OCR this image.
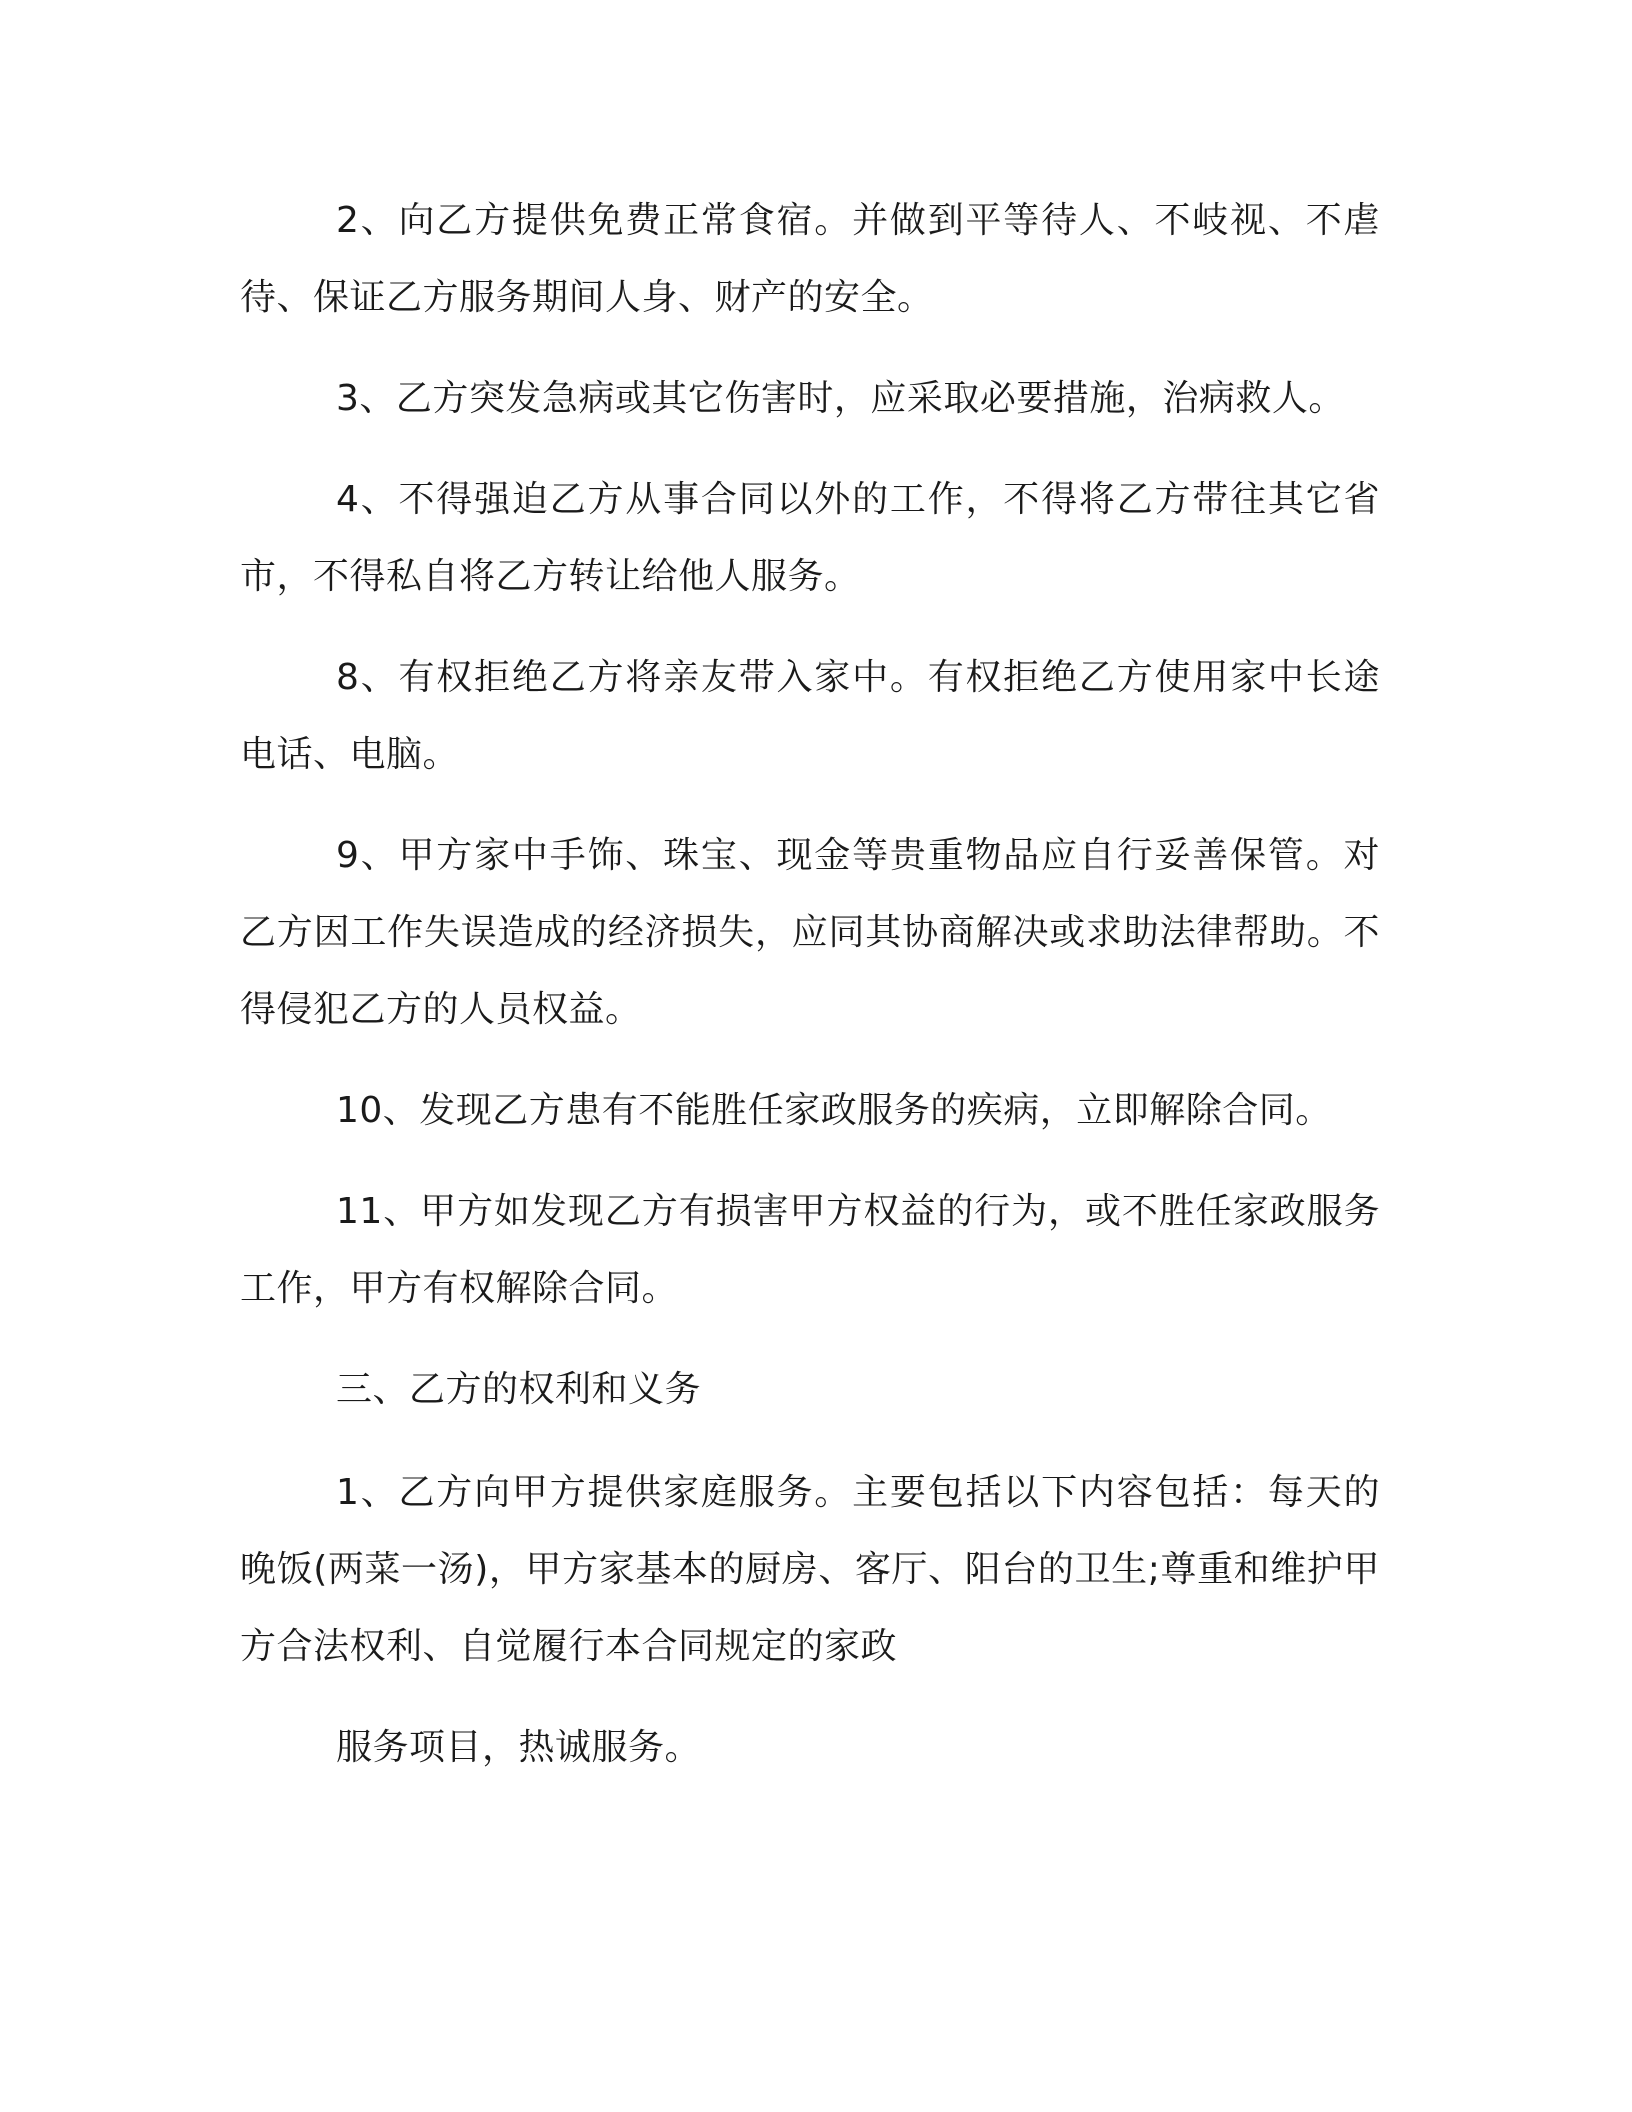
2、向乙方提供免费正常食宿。并做到平等待人、不岐视、不虐待、保证乙方服务期间人身、财产的安全。

3、乙方突发急病或其它伤害时，应采取必要措施，治病救人。

4、不得强迫乙方从事合同以外的工作，不得将乙方带往其它省市，不得私自将乙方转让给他人服务。

8、有权拒绝乙方将亲友带入家中。有权拒绝乙方使用家中长途电话、电脑。

9、甲方家中手饰、珠宝、现金等贵重物品应自行妥善保管。对乙方因工作失误造成的经济损失，应同其协商解决或求助法律帮助。不得侵犯乙方的人员权益。

10、发现乙方患有不能胜任家政服务的疾病，立即解除合同。

11、甲方如发现乙方有损害甲方权益的行为，或不胜任家政服务工作，甲方有权解除合同。

三、乙方的权利和义务

1、乙方向甲方提供家庭服务。主要包括以下内容包括：每天的晚饭(两菜一汤)，甲方家基本的厨房、客厅、阳台的卫生;尊重和维护甲方合法权利、自觉履行本合同规定的家政

服务项目，热诚服务。
